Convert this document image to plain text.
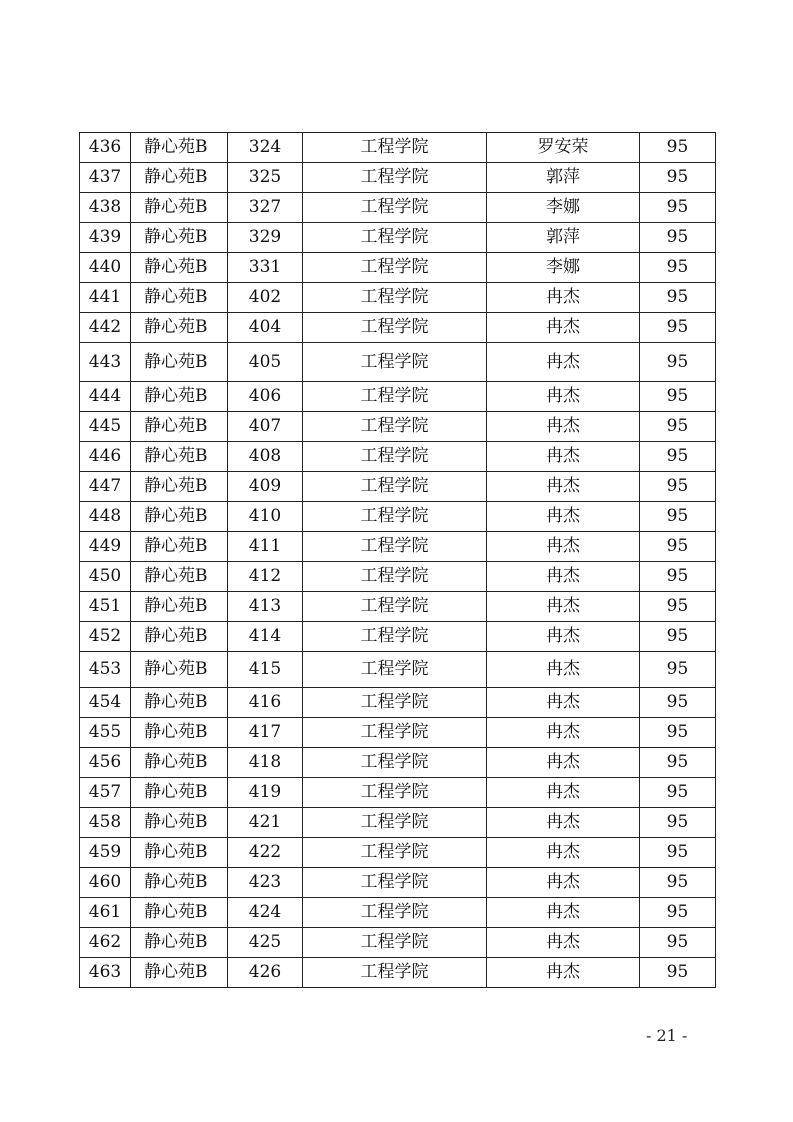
436	静心苑B	324	工程学院	罗安荣	95
437	静心苑B	325	工程学院	郭萍	95
438	静心苑B	327	工程学院	李娜	95
439	静心苑B	329	工程学院	郭萍	95
440	静心苑B	331	工程学院	李娜	95
441	静心苑B	402	工程学院	冉杰	95
442	静心苑B	404	工程学院	冉杰	95
443	静心苑B	405	工程学院	冉杰	95
444	静心苑B	406	工程学院	冉杰	95
445	静心苑B	407	工程学院	冉杰	95
446	静心苑B	408	工程学院	冉杰	95
447	静心苑B	409	工程学院	冉杰	95
448	静心苑B	410	工程学院	冉杰	95
449	静心苑B	411	工程学院	冉杰	95
450	静心苑B	412	工程学院	冉杰	95
451	静心苑B	413	工程学院	冉杰	95
452	静心苑B	414	工程学院	冉杰	95
453	静心苑B	415	工程学院	冉杰	95
454	静心苑B	416	工程学院	冉杰	95
455	静心苑B	417	工程学院	冉杰	95
456	静心苑B	418	工程学院	冉杰	95
457	静心苑B	419	工程学院	冉杰	95
458	静心苑B	421	工程学院	冉杰	95
459	静心苑B	422	工程学院	冉杰	95
460	静心苑B	423	工程学院	冉杰	95
461	静心苑B	424	工程学院	冉杰	95
462	静心苑B	425	工程学院	冉杰	95
463	静心苑B	426	工程学院	冉杰	95
- 21 -
